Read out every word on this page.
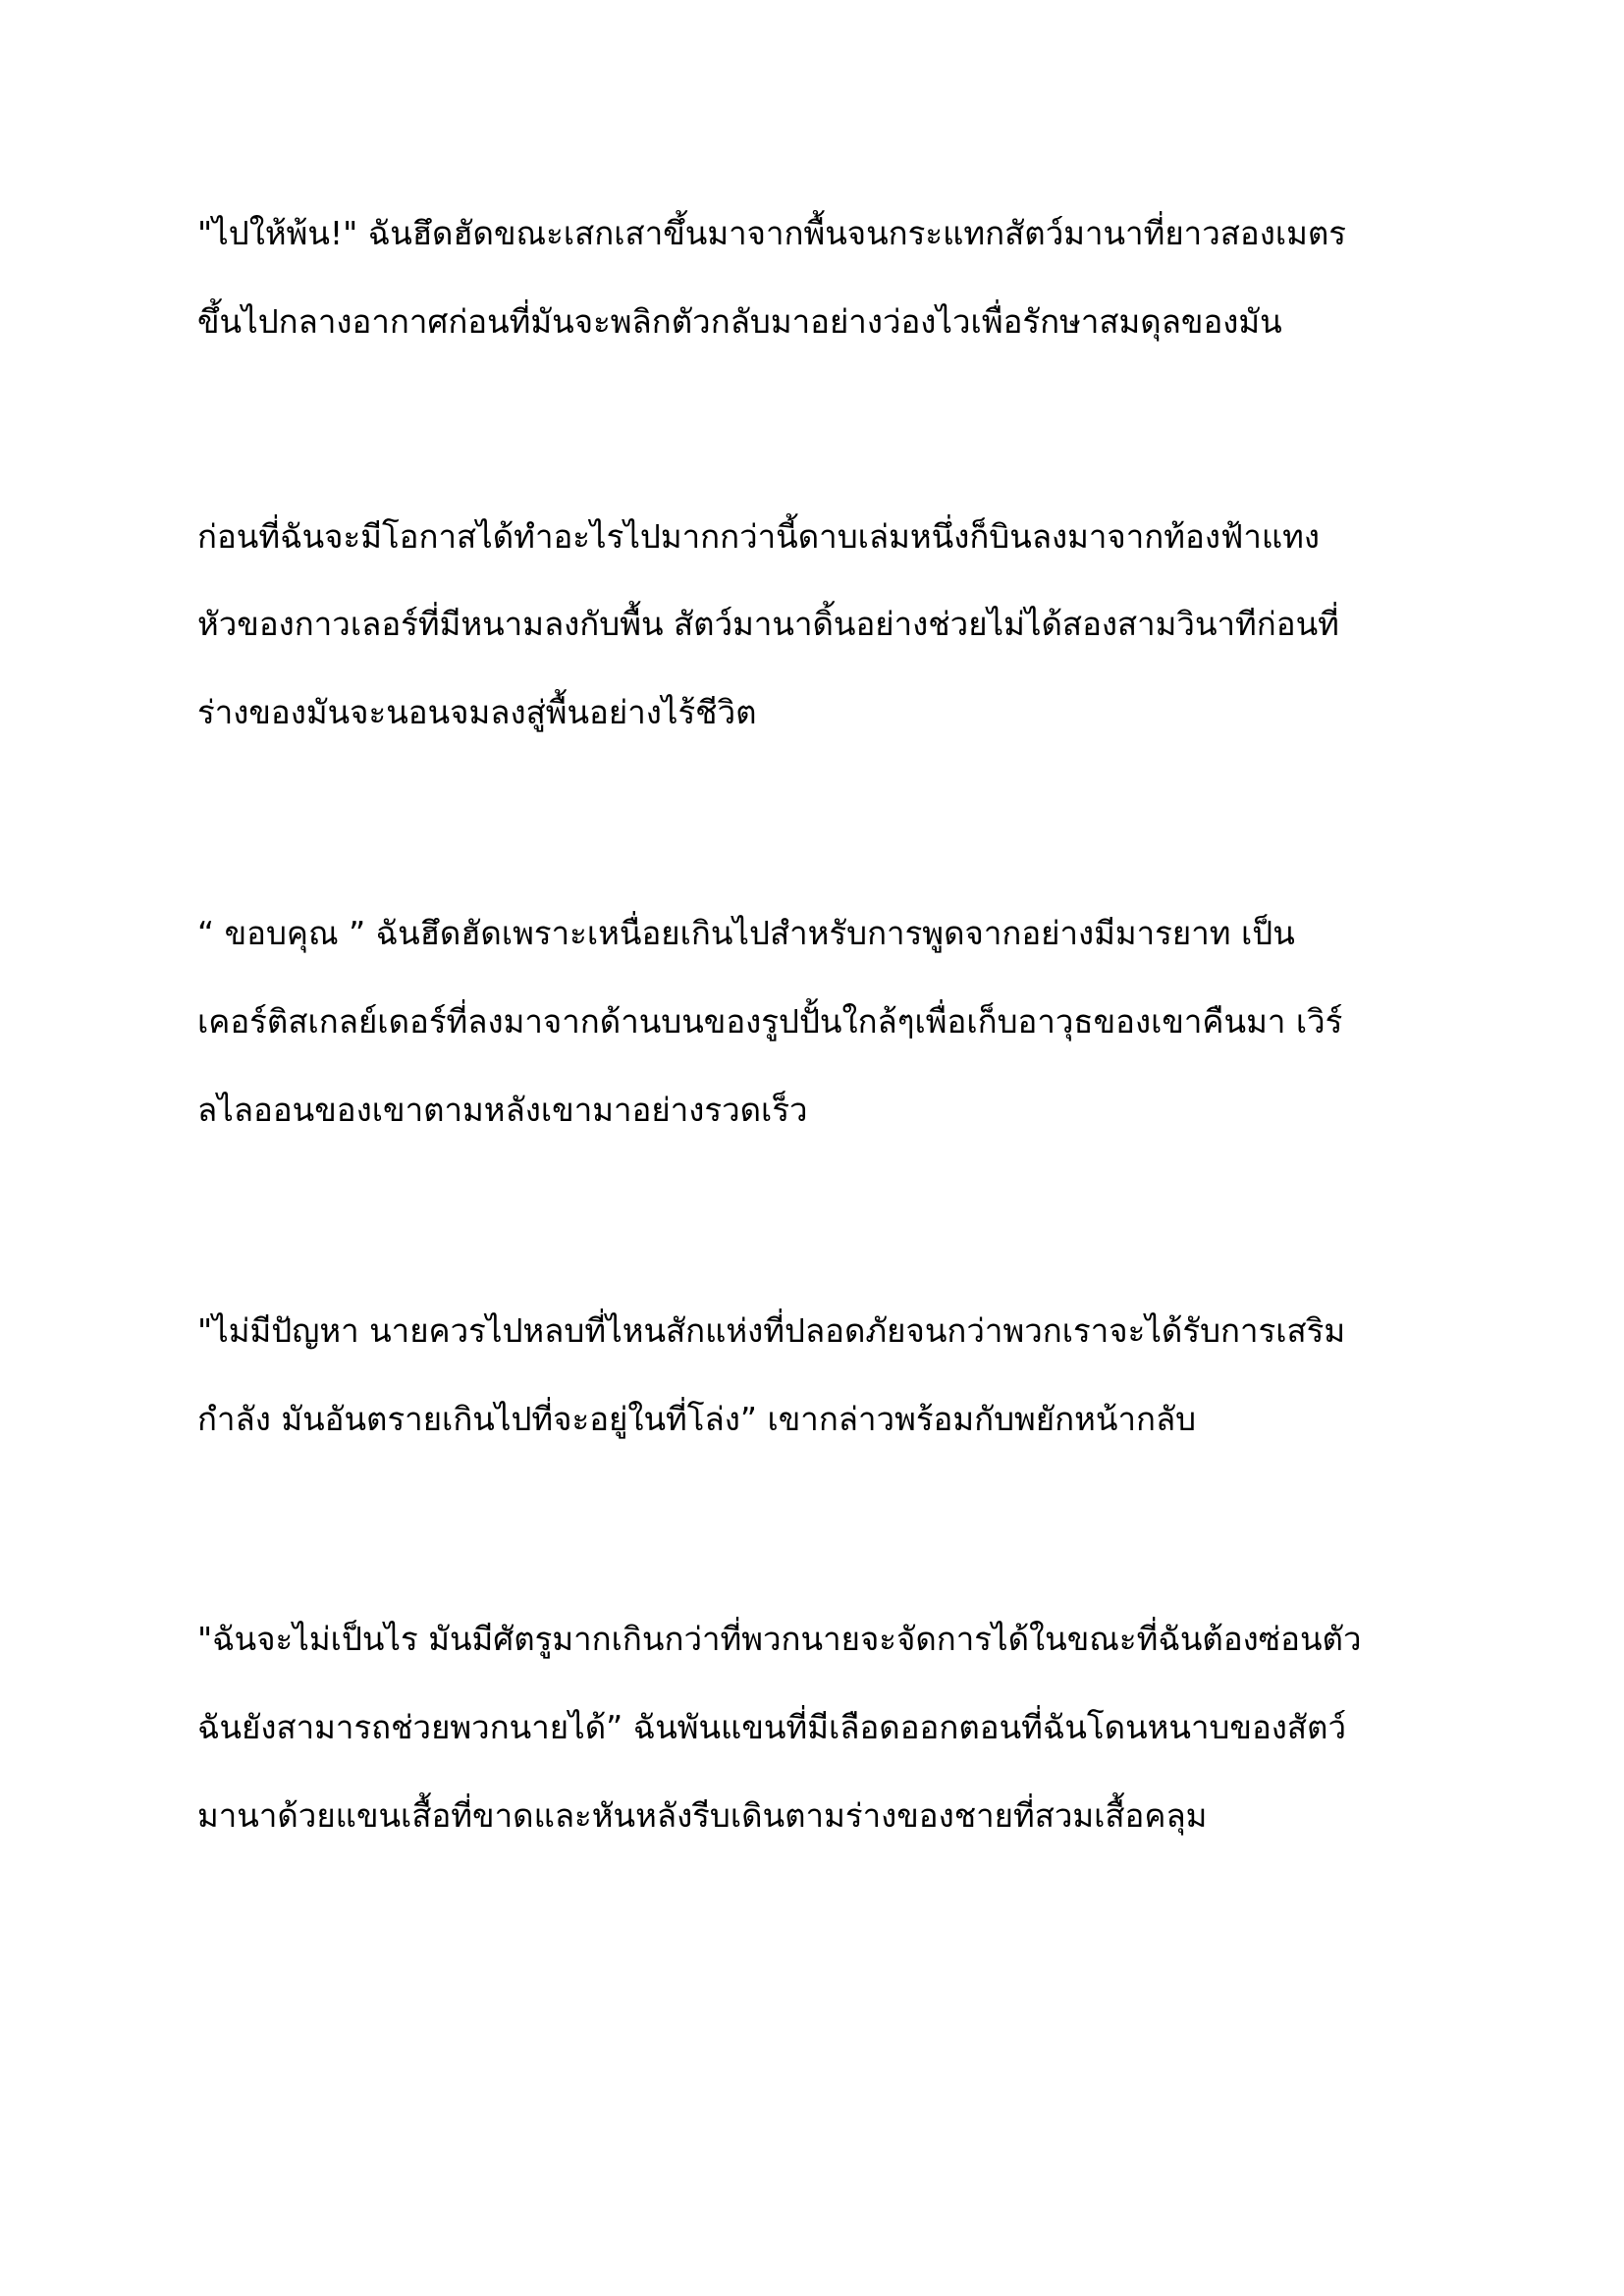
"ไปให้พ้น!" ฉันฮึดฮัดขณะเสกเสาขึ้นมาจากพื้นจนกระแทกสัตว์มานาที่ยาวสองเมตร
ขึ้นไปกลางอากาศก่อนที่มันจะพลิกตัวกลับมาอย่างว่องไวเพื่อรักษาสมดุลของมัน
ก่อนที่ฉันจะมีโอกาสได้ทำอะไรไปมากกว่านี้ดาบเล่มหนึ่งก็บินลงมาจากท้องฟ้าแทง
หัวของกาวเลอร์ที่มีหนามลงกับพื้น สัตว์มานาดิ้นอย่างช่วยไม่ได้สองสามวินาทีก่อนที่
ร่างของมันจะนอนจมลงสู่พื้นอย่างไร้ชีวิต
“ ขอบคุณ ” ฉันฮึดฮัดเพราะเหนื่อยเกินไปสำหรับการพูดจากอย่างมีมารยาท เป็น
เคอร์ติสเกลย์เดอร์ที่ลงมาจากด้านบนของรูปปั้นใกล้ๆเพื่อเก็บอาวุธของเขาคืนมา เวิร์
ลไลออนของเขาตามหลังเขามาอย่างรวดเร็ว
"ไม่มีปัญหา นายควรไปหลบที่ไหนสักแห่งที่ปลอดภัยจนกว่าพวกเราจะได้รับการเสริม
กำลัง มันอันตรายเกินไปที่จะอยู่ในที่โล่ง” เขากล่าวพร้อมกับพยักหน้ากลับ
"ฉันจะไม่เป็นไร มันมีศัตรูมากเกินกว่าที่พวกนายจะจัดการได้ในขณะที่ฉันต้องซ่อนตัว
ฉันยังสามารถช่วยพวกนายได้” ฉันพันแขนที่มีเลือดออกตอนที่ฉันโดนหนาบของสัตว์
มานาด้วยแขนเสื้อที่ขาดและหันหลังรีบเดินตามร่างของชายที่สวมเสื้อคลุม
